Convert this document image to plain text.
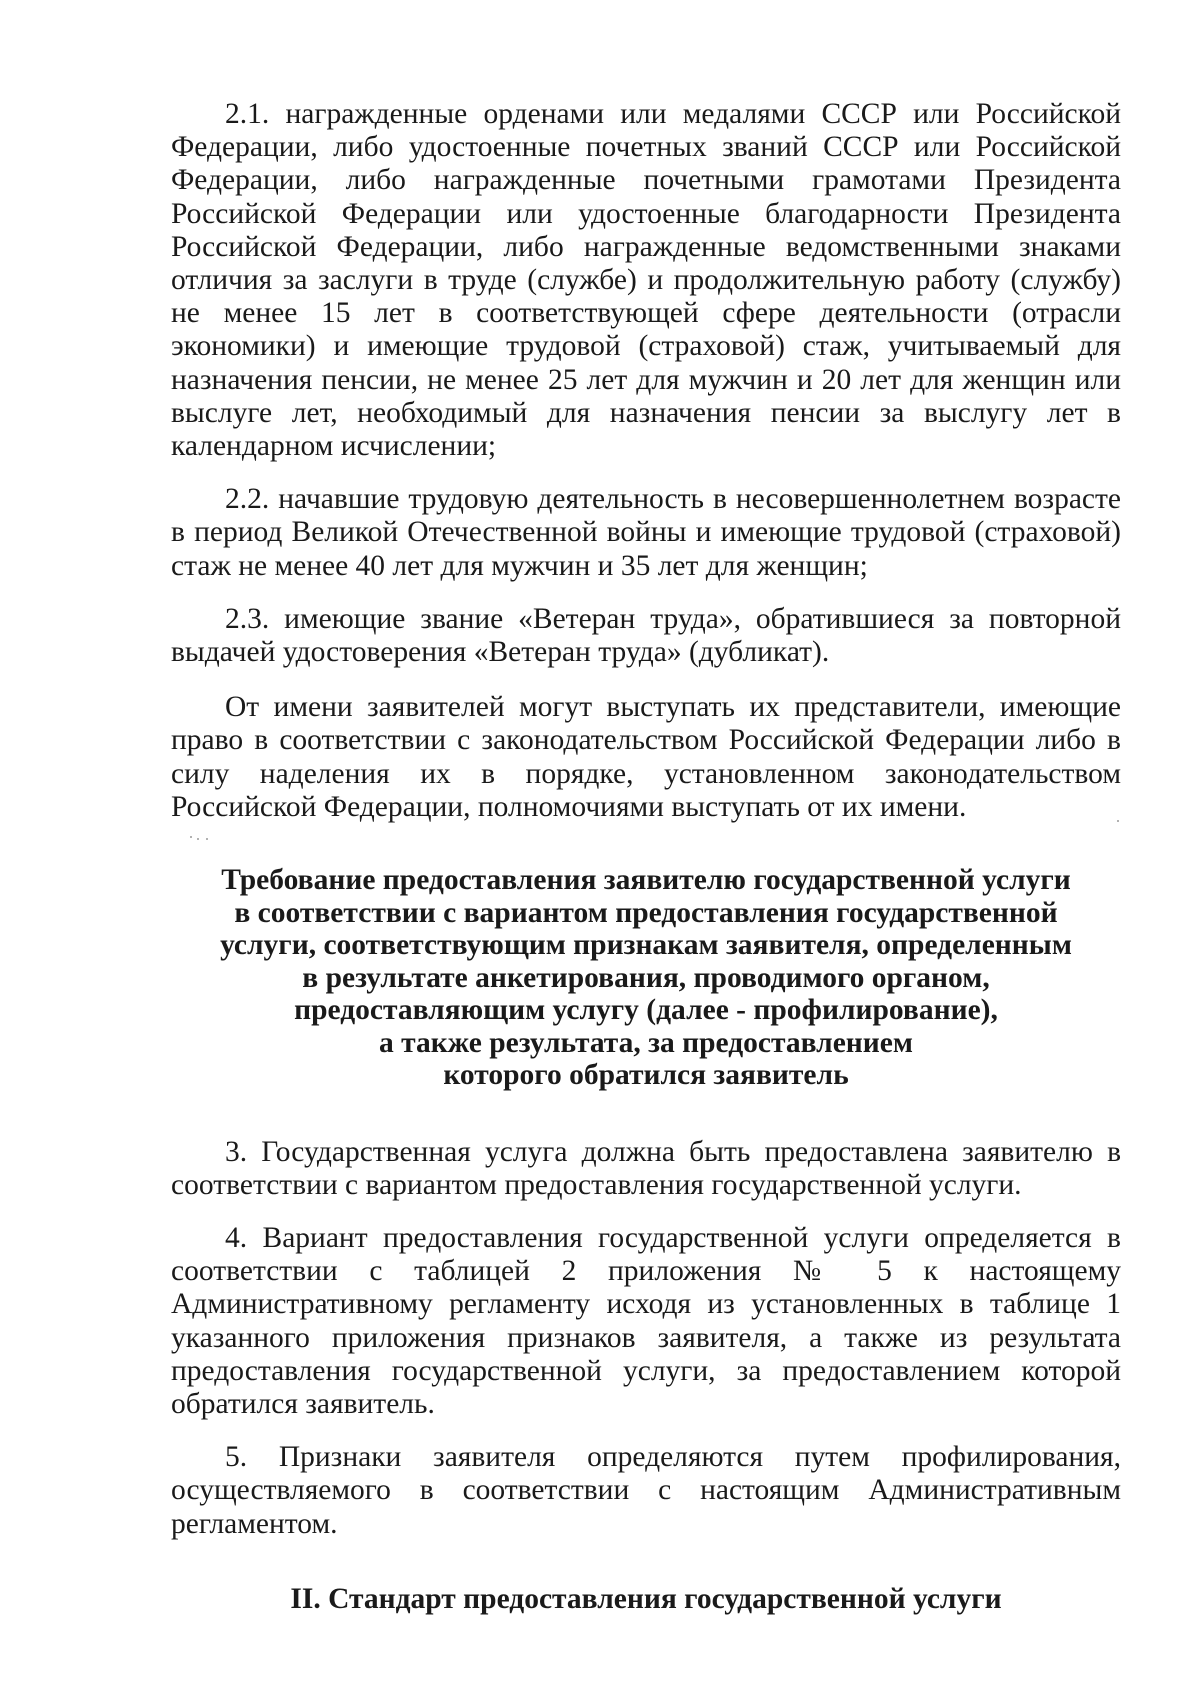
2.1. награжденные орденами или медалями СССР или Российской Федерации, либо удостоенные почетных званий СССР или Российской Федерации, либо награжденные почетными грамотами Президента Российской Федерации или удостоенные благодарности Президента Российской Федерации, либо награжденные ведомственными знаками отличия за заслуги в труде (службе) и продолжительную работу (службу) не менее 15 лет в соответствующей сфере деятельности (отрасли экономики) и имеющие трудовой (страховой) стаж, учитываемый для назначения пенсии, не менее 25 лет для мужчин и 20 лет для женщин или выслуге лет, необходимый для назначения пенсии за выслугу лет в календарном исчислении;

2.2. начавшие трудовую деятельность в несовершеннолетнем возрасте в период Великой Отечественной войны и имеющие трудовой (страховой) стаж не менее 40 лет для мужчин и 35 лет для женщин;

2.3. имеющие звание «Ветеран труда», обратившиеся за повторной выдачей удостоверения «Ветеран труда» (дубликат).

От имени заявителей могут выступать их представители, имеющие право в соответствии с законодательством Российской Федерации либо в силу наделения их в порядке, установленном законодательством Российской Федерации, полномочиями выступать от их имени.

Требование предоставления заявителю государственной услуги
в соответствии с вариантом предоставления государственной
услуги, соответствующим признакам заявителя, определенным
в результате анкетирования, проводимого органом,
предоставляющим услугу (далее - профилирование),
а также результата, за предоставлением
которого обратился заявитель

3. Государственная услуга должна быть предоставлена заявителю в соответствии с вариантом предоставления государственной услуги.

4. Вариант предоставления государственной услуги определяется в соответствии с таблицей 2 приложения № 5 к настоящему Административному регламенту исходя из установленных в таблице 1 указанного приложения признаков заявителя, а также из результата предоставления государственной услуги, за предоставлением которой обратился заявитель.

5. Признаки заявителя определяются путем профилирования, осуществляемого в соответствии с настоящим Административным регламентом.

II. Стандарт предоставления государственной услуги
